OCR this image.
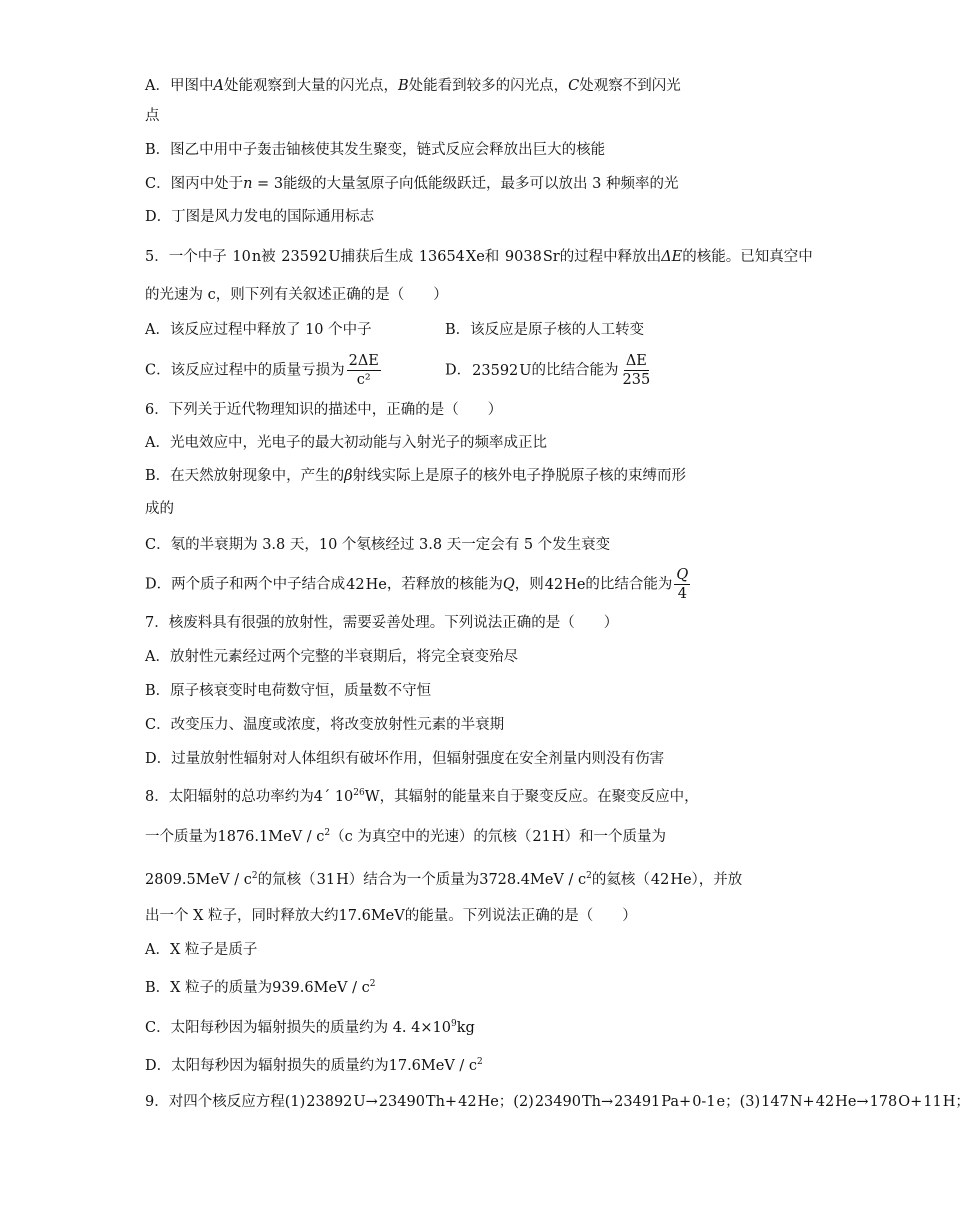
A．甲图中A处能观察到大量的闪光点，B处能看到较多的闪光点，C处观察不到闪光
点
B．图乙中用中子轰击铀核使其发生聚变，链式反应会释放出巨大的核能
C．图丙中处于n = 3能级的大量氢原子向低能级跃迁，最多可以放出 3 种频率的光
D．丁图是风力发电的国际通用标志
5．一个中子 1 0 n 被 235 92 U 捕获后生成 136 54 Xe 和 90 38 Sr 的过程中释放出ΔE的核能。已知真空中
的光速为 c，则下列有关叙述正确的是（　　）
A．该反应过程中释放了 10 个中子	B．该反应是原子核的人工转变
C．该反应过程中的质量亏损为 $\frac{2\Delta E}{\text{c²}}$	D． 235 92 U 的比结合能为 $\frac{\Delta E}{235}$
6．下列关于近代物理知识的描述中，正确的是（　　）
A．光电效应中，光电子的最大初动能与入射光子的频率成正比
B．在天然放射现象中，产生的β射线实际上是原子的核外电子挣脱原子核的束缚而形
成的
C．氡的半衰期为 3.8 天，10 个氡核经过 3.8 天一定会有 5 个发生衰变
D．两个质子和两个中子结合成 4 2 He ，若释放的核能为Q，则 4 2 He 的比结合能为 $\frac{Q}{4}$
7．核废料具有很强的放射性，需要妥善处理。下列说法正确的是（　　）
A．放射性元素经过两个完整的半衰期后，将完全衰变殆尽
B．原子核衰变时电荷数守恒，质量数不守恒
C．改变压力、温度或浓度，将改变放射性元素的半衰期
D．过量放射性辐射对人体组织有破坏作用，但辐射强度在安全剂量内则没有伤害
8．太阳辐射的总功率约为4´ $10^{26}W$，其辐射的能量来自于聚变反应。在聚变反应中，
一个质量为$1876.1MeV / c^2(c$ 为真空中的光速）的氘核（ 2 1 H ）和一个质量为
$2809.5MeV / c^2$的氚核（ 3 1 H ）结合为一个质量为$3728.4MeV / c^2$的氦核（ 4 2 He ），并放
出一个 X 粒子，同时释放大约17.6MeV的能量。下列说法正确的是（　　）
A．X 粒子是质子
B．X 粒子的质量为$939.6MeV / c^2$
C．太阳每秒因为辐射损失的质量约为 4. $4\times 10^9kg$
D．太阳每秒因为辐射损失的质量约为$17.6MeV / c^2$
9．对四个核反应方程(1) 238 92 U→ 234 90 Th+ 4 2 He；(2) 234 90 Th→ 234 91 Pa+ 0 -1 e；(3) 14 7 N+ 4 2 He→ 17 8 O+ 1 1 H；
